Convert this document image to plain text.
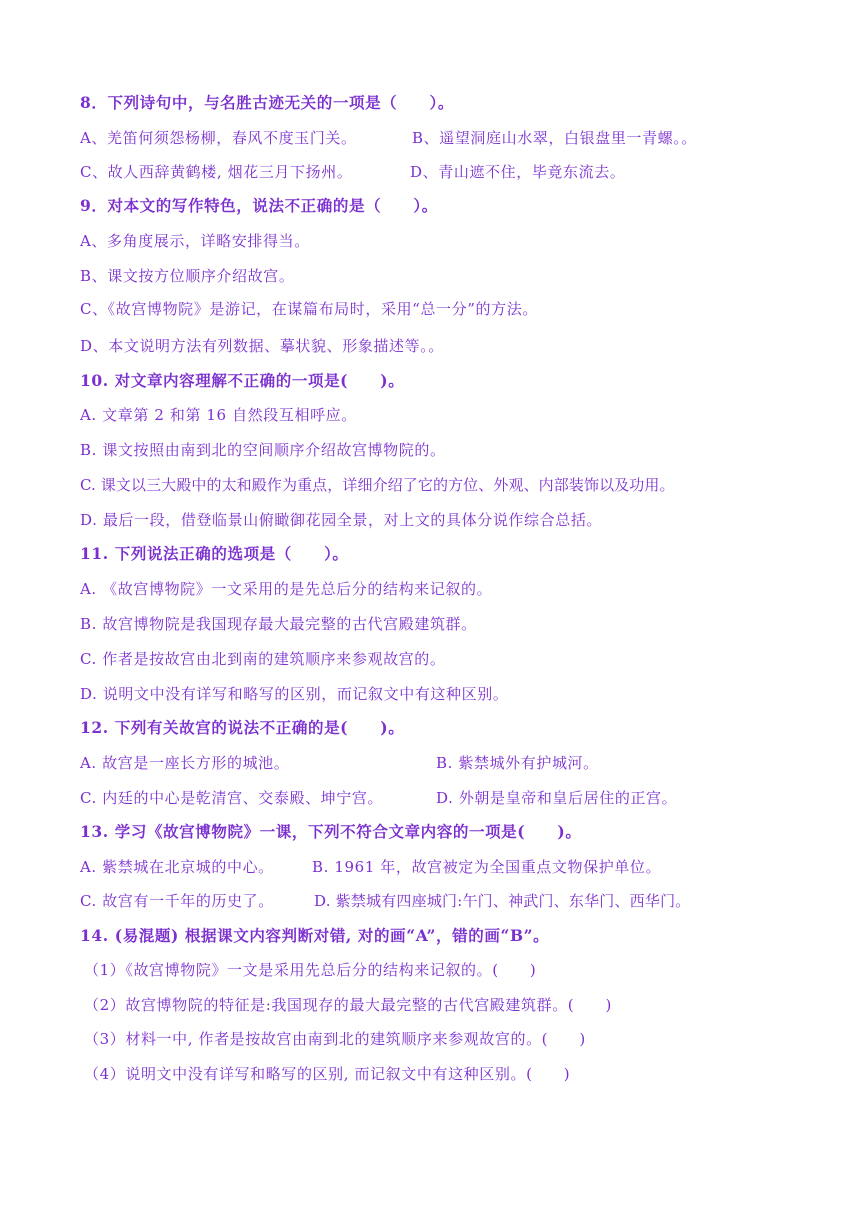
8．下列诗句中，与名胜古迹无关的一项是（　　）。
A、羌笛何须怨杨柳，春风不度玉门关。	B、遥望洞庭山水翠，白银盘里一青螺。。
C、故人西辞黄鹤楼, 烟花三月下扬州。	D、青山遮不住，毕竟东流去。
9．对本文的写作特色，说法不正确的是（　　）。
A、多角度展示，详略安排得当。
B、课文按方位顺序介绍故宫。
C、《故宫博物院》是游记，在谋篇布局时，采用“总一分”的方法。
D、本文说明方法有列数据、摹状貌、形象描述等。。
10. 对文章内容理解不正确的一项是(　　)。
A. 文章第 2 和第 16 自然段互相呼应。
B. 课文按照由南到北的空间顺序介绍故宫博物院的。
C. 课文以三大殿中的太和殿作为重点，详细介绍了它的方位、外观、内部装饰以及功用。
D. 最后一段，借登临景山俯瞰御花园全景，对上文的具体分说作综合总括。
11. 下列说法正确的选项是（　　）。
A. 《故宫博物院》一文采用的是先总后分的结构来记叙的。
B. 故宫博物院是我国现存最大最完整的古代宫殿建筑群。
C. 作者是按故宫由北到南的建筑顺序来参观故宫的。
D. 说明文中没有详写和略写的区别，而记叙文中有这种区别。
12. 下列有关故宫的说法不正确的是(　　)。
A. 故宫是一座长方形的城池。	B. 紫禁城外有护城河。
C. 内廷的中心是乾清宫、交泰殿、坤宁宫。	D. 外朝是皇帝和皇后居住的正宫。
13. 学习《故宫博物院》一课，下列不符合文章内容的一项是(　　)。
A. 紫禁城在北京城的中心。	B. 1961 年，故宫被定为全国重点文物保护单位。
C. 故宫有一千年的历史了。	D. 紫禁城有四座城门:午门、神武门、东华门、西华门。
14. (易混题) 根据课文内容判断对错, 对的画“A”，错的画“B”。
（1）《故宫博物院》一文是采用先总后分的结构来记叙的。(　　)
（2）故宫博物院的特征是:我国现存的最大最完整的古代宫殿建筑群。(　　)
（3）材料一中, 作者是按故宫由南到北的建筑顺序来参观故宫的。(　　)
（4）说明文中没有详写和略写的区别, 而记叙文中有这种区别。(　　)
